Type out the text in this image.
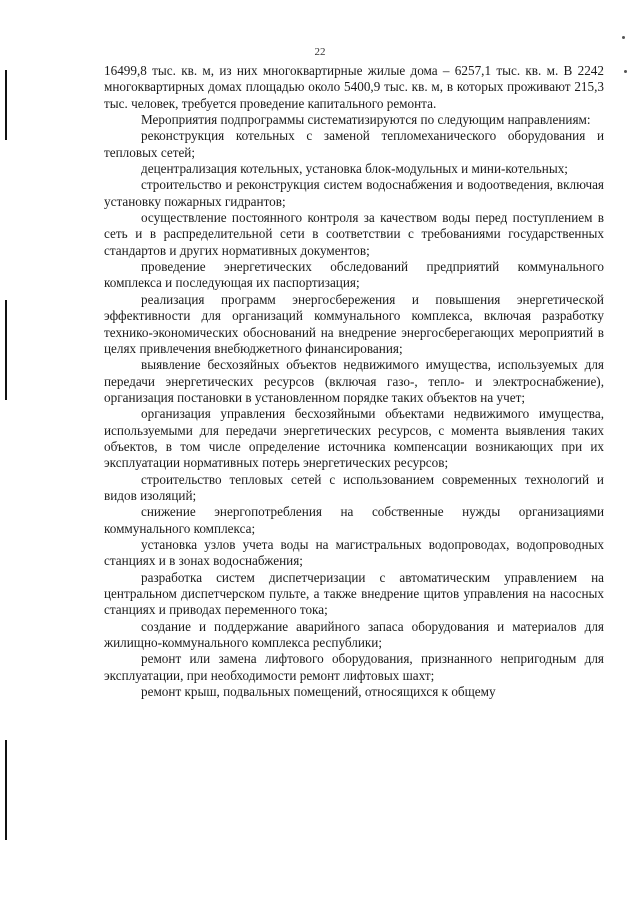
22

16499,8 тыс. кв. м, из них многоквартирные жилые дома – 6257,1 тыс. кв. м. В 2242 многоквартирных домах площадью около 5400,9 тыс. кв. м, в которых проживают 215,3 тыс. человек, требуется проведение капитального ремонта.

Мероприятия подпрограммы систематизируются по следующим направлениям:

реконструкция котельных с заменой тепломеханического оборудования и тепловых сетей;

децентрализация котельных, установка блок-модульных и мини-котельных;

строительство и реконструкция систем водоснабжения и водоотведения, включая установку пожарных гидрантов;

осуществление постоянного контроля за качеством воды перед поступлением в сеть и в распределительной сети в соответствии с требованиями государственных стандартов и других нормативных документов;

проведение энергетических обследований предприятий коммунального комплекса и последующая их паспортизация;

реализация программ энергосбережения и повышения энергетической эффективности для организаций коммунального комплекса, включая разработку технико-экономических обоснований на внедрение энергосберегающих мероприятий в целях привлечения внебюджетного финансирования;

выявление бесхозяйных объектов недвижимого имущества, используемых для передачи энергетических ресурсов (включая газо-, тепло- и электроснабжение), организация постановки в установленном порядке таких объектов на учет;

организация управления бесхозяйными объектами недвижимого имущества, используемыми для передачи энергетических ресурсов, с момента выявления таких объектов, в том числе определение источника компенсации возникающих при их эксплуатации нормативных потерь энергетических ресурсов;

строительство тепловых сетей с использованием современных технологий и видов изоляций;

снижение энергопотребления на собственные нужды организациями коммунального комплекса;

установка узлов учета воды на магистральных водопроводах, водопроводных станциях и в зонах водоснабжения;

разработка систем диспетчеризации с автоматическим управлением на центральном диспетчерском пульте, а также внедрение щитов управления на насосных станциях и приводах переменного тока;

создание и поддержание аварийного запаса оборудования и материалов для жилищно-коммунального комплекса республики;

ремонт или замена лифтового оборудования, признанного непригодным для эксплуатации, при необходимости ремонт лифтовых шахт;

ремонт крыш, подвальных помещений, относящихся к общему
